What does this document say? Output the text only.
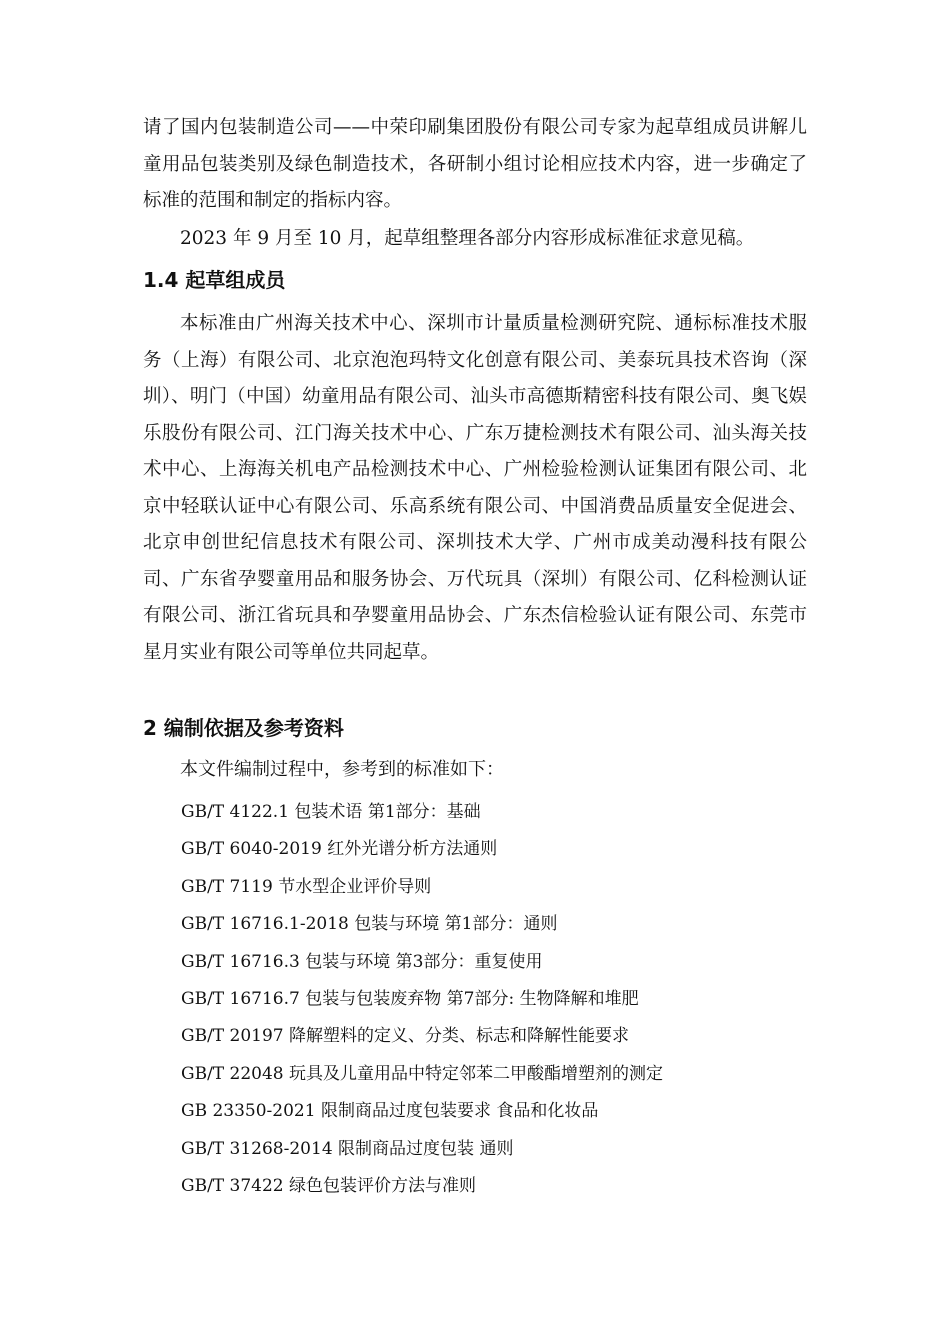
请了国内包装制造公司——中荣印刷集团股份有限公司专家为起草组成员讲解儿童用品包装类别及绿色制造技术，各研制小组讨论相应技术内容，进一步确定了标准的范围和制定的指标内容。

2023 年 9 月至 10 月，起草组整理各部分内容形成标准征求意见稿。

1.4 起草组成员

本标准由广州海关技术中心、深圳市计量质量检测研究院、通标标准技术服务（上海）有限公司、北京泡泡玛特文化创意有限公司、美泰玩具技术咨询（深圳）、明门（中国）幼童用品有限公司、汕头市高德斯精密科技有限公司、奥飞娱乐股份有限公司、江门海关技术中心、广东万捷检测技术有限公司、汕头海关技术中心、上海海关机电产品检测技术中心、广州检验检测认证集团有限公司、北京中轻联认证中心有限公司、乐高系统有限公司、中国消费品质量安全促进会、北京申创世纪信息技术有限公司、深圳技术大学、广州市成美动漫科技有限公司、广东省孕婴童用品和服务协会、万代玩具（深圳）有限公司、亿科检测认证有限公司、浙江省玩具和孕婴童用品协会、广东杰信检验认证有限公司、东莞市星月实业有限公司等单位共同起草。

2 编制依据及参考资料

本文件编制过程中，参考到的标准如下：

GB/T 4122.1 包装术语 第1部分：基础
GB/T 6040-2019 红外光谱分析方法通则
GB/T 7119 节水型企业评价导则
GB/T 16716.1-2018 包装与环境 第1部分：通则
GB/T 16716.3 包装与环境 第3部分：重复使用
GB/T 16716.7 包装与包装废弃物 第7部分: 生物降解和堆肥
GB/T 20197 降解塑料的定义、分类、标志和降解性能要求
GB/T 22048 玩具及儿童用品中特定邻苯二甲酸酯增塑剂的测定
GB 23350-2021 限制商品过度包装要求 食品和化妆品
GB/T 31268-2014 限制商品过度包装 通则
GB/T 37422 绿色包装评价方法与准则
